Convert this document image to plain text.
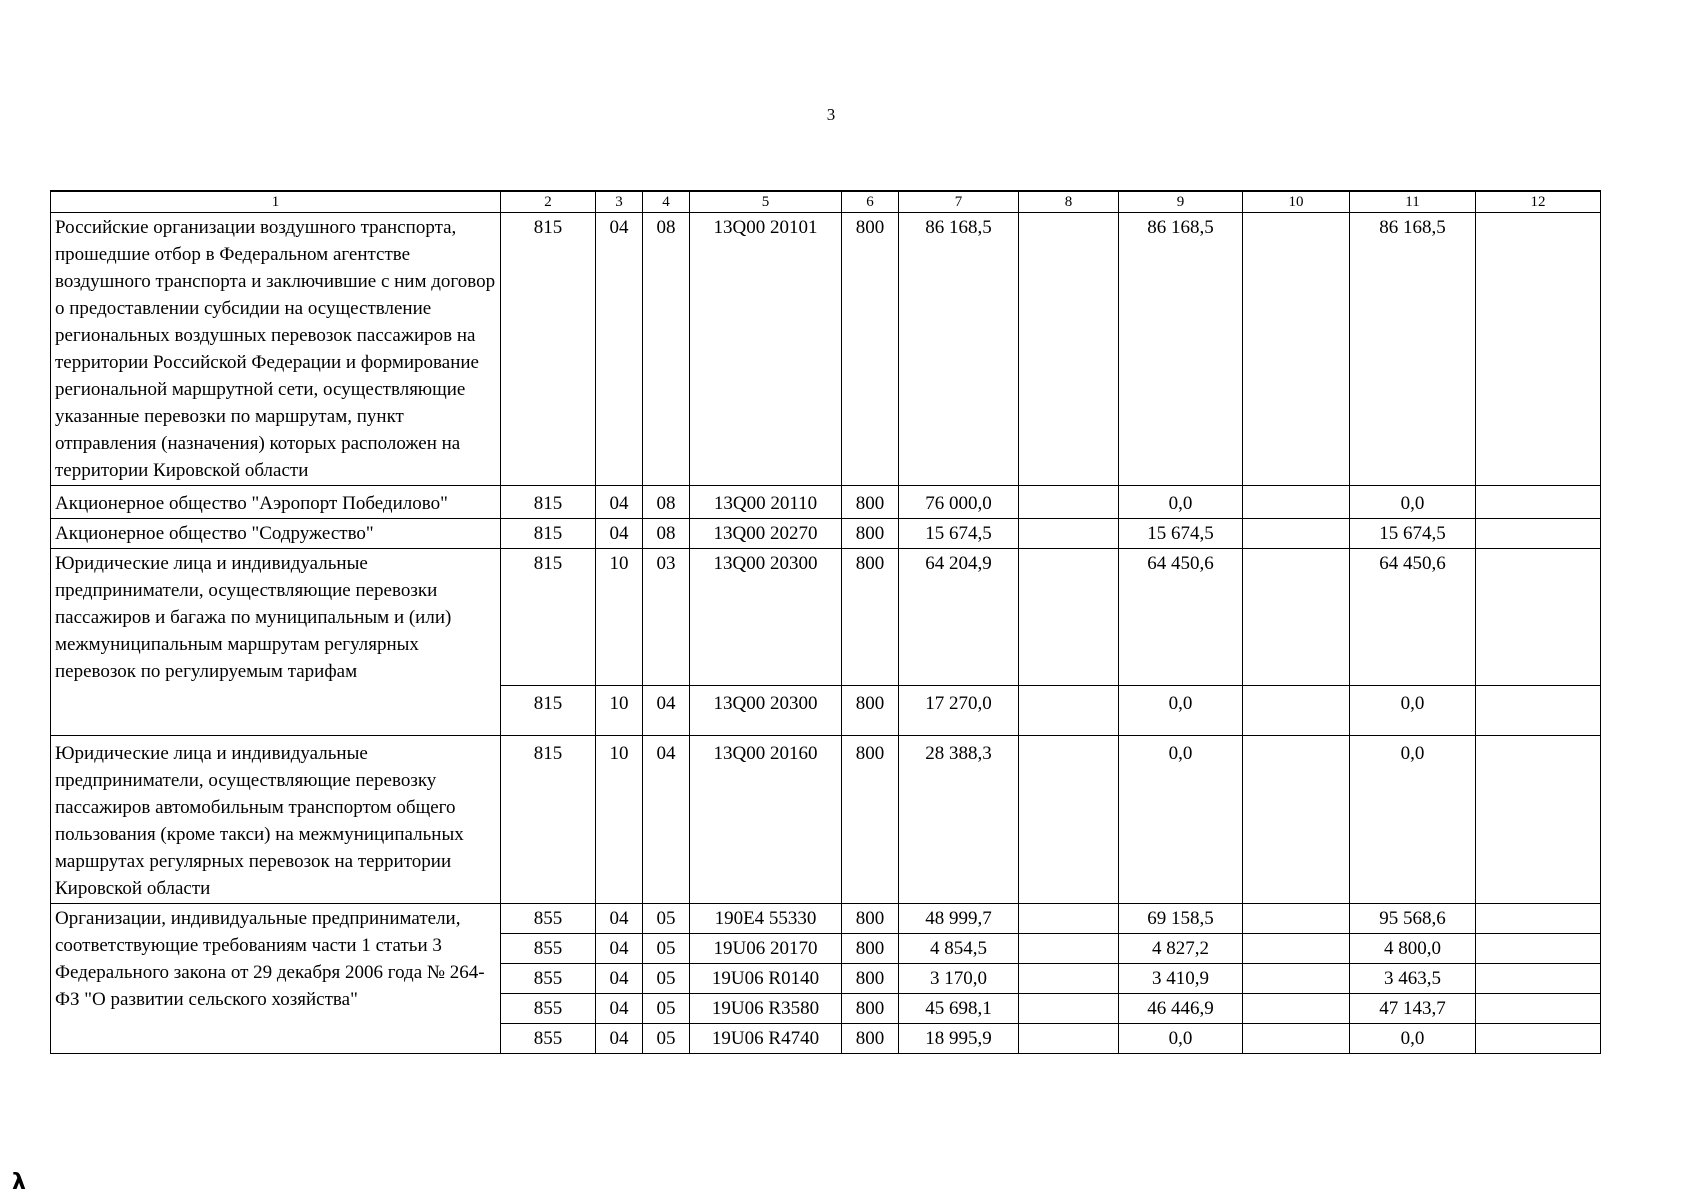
3
1	2	3	4	5	6	7	8	9	10	11	12
Российские организации воздушного транспорта, прошедшие отбор в Федеральном агентстве воздушного транспорта и заключившие с ним договор о предоставлении субсидии на осуществление региональных воздушных перевозок пассажиров на территории Российской Федерации и формирование региональной маршрутной сети, осуществляющие указанные перевозки по маршрутам, пункт отправления (назначения) которых расположен на территории Кировской области	815	04	08	13Q00 20101	800	86 168,5		86 168,5		86 168,5	
Акционерное общество "Аэропорт Победилово"	815	04	08	13Q00 20110	800	76 000,0		0,0		0,0	
Акционерное общество "Содружество"	815	04	08	13Q00 20270	800	15 674,5		15 674,5		15 674,5	
Юридические лица и индивидуальные предприниматели, осуществляющие перевозки пассажиров и багажа по муниципальным и (или) межмуниципальным маршрутам регулярных перевозок по регулируемым тарифам	815	10	03	13Q00 20300	800	64 204,9		64 450,6		64 450,6	
	815	10	04	13Q00 20300	800	17 270,0		0,0		0,0	
Юридические лица и индивидуальные предприниматели, осуществляющие перевозку пассажиров автомобильным транспортом общего пользования (кроме такси) на межмуниципальных маршрутах регулярных перевозок на территории Кировской области	815	10	04	13Q00 20160	800	28 388,3		0,0		0,0	
Организации, индивидуальные предприниматели, соответствующие требованиям части 1 статьи 3 Федерального закона от 29 декабря 2006 года № 264-ФЗ "О развитии сельского хозяйства"	855	04	05	190E4 55330	800	48 999,7		69 158,5		95 568,6	
	855	04	05	19U06 20170	800	4 854,5		4 827,2		4 800,0	
	855	04	05	19U06 R0140	800	3 170,0		3 410,9		3 463,5	
	855	04	05	19U06 R3580	800	45 698,1		46 446,9		47 143,7	
	855	04	05	19U06 R4740	800	18 995,9		0,0		0,0	
λ
